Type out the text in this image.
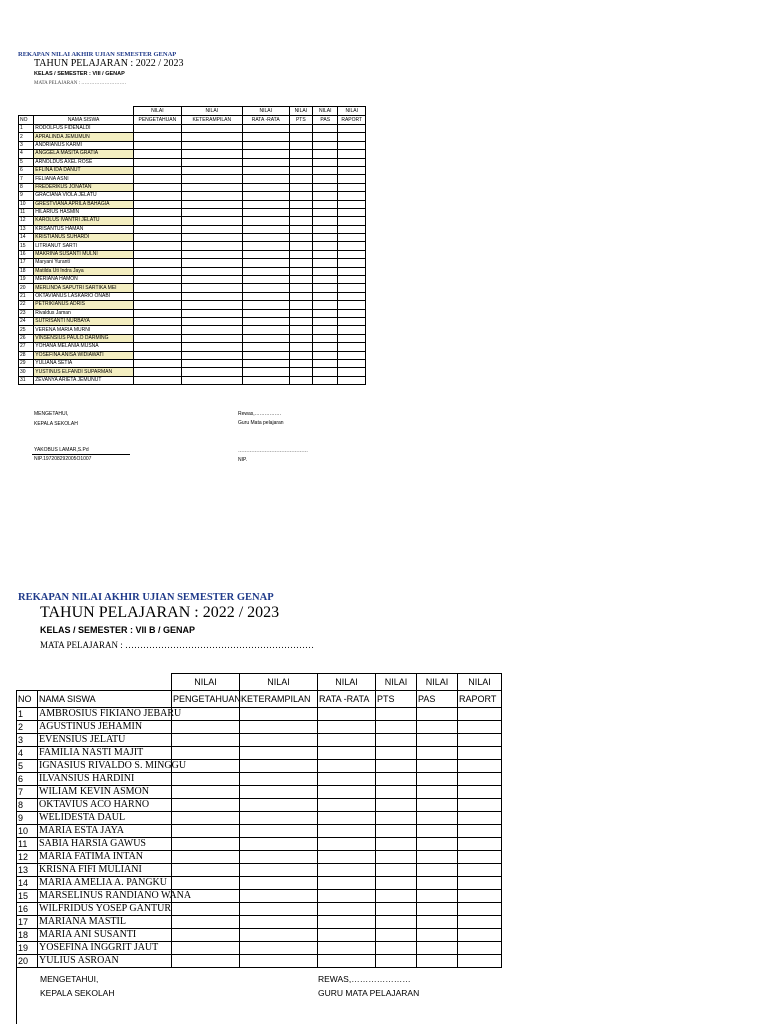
REKAPAN NILAI AKHIR UJIAN SEMESTER GENAP
TAHUN PELAJARAN : 2022 / 2023
KELAS / SEMESTER : VIII / GENAP
MATA PELAJARAN : ………………………
		NILAI	NILAI	NILAI	NILAI	NILAI	NILAI
NO	NAMA SISWA	PENGETAHUAN	KETERAMPILAN	RATA -RATA	PTS	PAS	RAPORT
1	RODOLFUS FIDENALDI						
2	APRALINDA JEMUMUN						
3	ANDRIANUS KARMI						
4	ANGGELA MASITA GRATIA						
5	ARNOLDUS AXEL ROSE						
6	EFLINA IDA DANUT						
7	FELIANA ASNI						
8	FREDERIKUS JONATAN						
9	GRACIANA VIOLA JELATU						
10	GRESTVIANA APRILA BAHAGIA						
11	HILARIUS HASMIN						
12	KAROLUS IVANTRI JELATU						
13	KRISANTUS HAMAN						
14	KRISTIANUS SUHARDI						
15	LITRIANUT SARTI						
16	MAKRINA SUSANTI MULNI						
17	Maryani Yuranti						
18	Matilda Uti Indra Jaya						
19	MERIANA HAMON						
20	MERLINDA SAPUTRI SARTIKA MEI						
21	OKTAVIANUS LASKARIO ONABI						
22	PETRIKIANUS ADRIS						
23	Rivaldus Jaman						
24	SUTRISANTI NURBAYA						
25	VERENA MARIA MURNI						
26	VINSENSIUS PAULO DARMING						
27	YOHANA MELANIA MUSNA						
28	YOSEFINA ANISA WIDIAWATI						
29	YULIANA SETIA						
30	YUSTINUS ELFANDI SUPARMAN						
31	ZEVANYA ARIETA JEMUNUT						
MENGETAHUI,
KEPALA SEKOLAH
YAKOBUS LAMAR,S.Pd
NIP.197208292005O1007
Rewas,…………….
Guru Mata pelajaran
……………………………………
NIP.
REKAPAN NILAI AKHIR UJIAN SEMESTER GENAP
TAHUN PELAJARAN : 2022 / 2023
KELAS / SEMESTER : VII B / GENAP
MATA PELAJARAN : ………………………………………………………
		NILAI	NILAI	NILAI	NILAI	NILAI	NILAI
NO	NAMA SISWA	PENGETAHUAN	KETERAMPILAN	RATA -RATA	PTS	PAS	RAPORT
1	AMBROSIUS FIKIANO JEBARU						
2	AGUSTINUS JEHAMIN						
3	EVENSIUS JELATU						
4	FAMILIA NASTI MAJIT						
5	IGNASIUS RIVALDO S. MINGGU						
6	ILVANSIUS HARDINI						
7	WILIAM KEVIN ASMON						
8	OKTAVIUS ACO HARNO						
9	WELIDESTA DAUL						
10	MARIA ESTA JAYA						
11	SABIA HARSIA GAWUS						
12	MARIA FATIMA INTAN						
13	KRISNA FIFI MULIANI						
14	MARIA AMELIA A. PANGKU						
15	MARSELINUS RANDIANO WANA						
16	WILFRIDUS YOSEP GANTUR						
17	MARIANA MASTIL						
18	MARIA ANI SUSANTI						
19	YOSEFINA INGGRIT JAUT						
20	YULIUS ASROAN						
MENGETAHUI,
KEPALA SEKOLAH
REWAS,…………………
GURU MATA PELAJARAN
